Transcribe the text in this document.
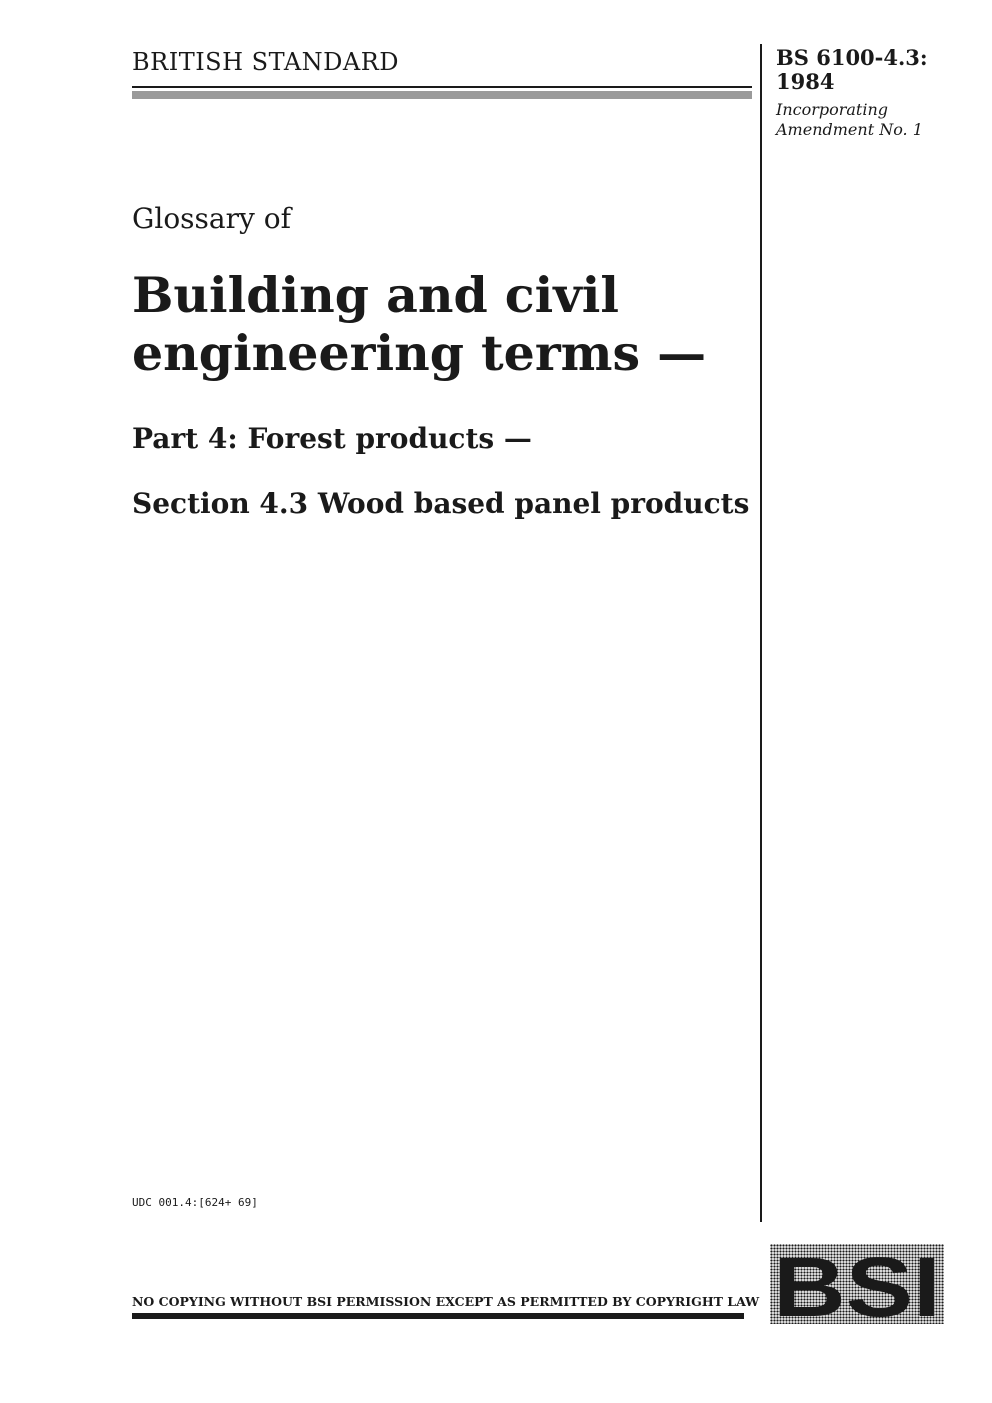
BRITISH STANDARD	BS 6100-4.3:
1984
Incorporating
Amendment No. 1
Glossary of
Building and civil
engineering terms —
Part 4: Forest products —
Section 4.3 Wood based panel products
UDC 001.4:[624+ 69]
NO COPYING WITHOUT BSI PERMISSION EXCEPT AS PERMITTED BY COPYRIGHT LAW BSI
